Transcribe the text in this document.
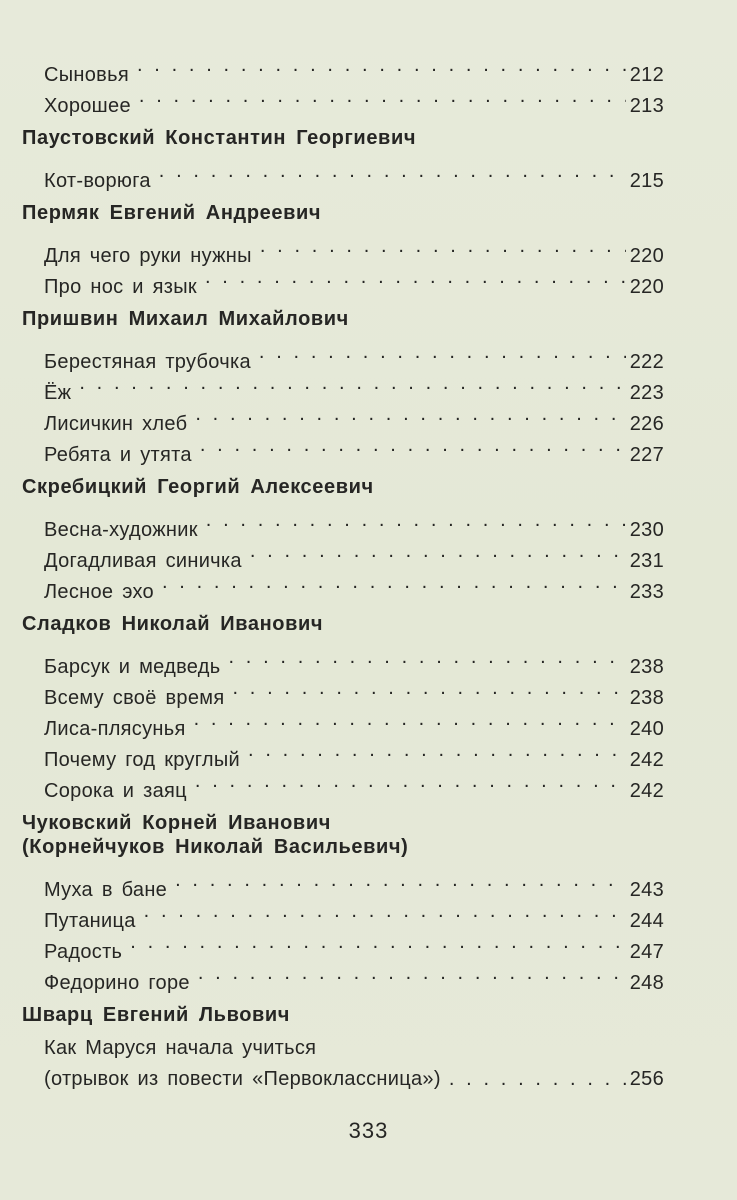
Сыновья . . .	212
Хорошее . . .	213
Паустовский Константин Георгиевич
Кот-ворюга . . .	215
Пермяк Евгений Андреевич
Для чего руки нужны . . .	220
Про нос и язык . . .	220
Пришвин Михаил Михайлович
Берестяная трубочка . . .	222
Ёж . . .	223
Лисичкин хлеб . . .	226
Ребята и утята . . .	227
Скребицкий Георгий Алексеевич
Весна-художник . . .	230
Догадливая синичка . . .	231
Лесное эхо . . .	233
Сладков Николай Иванович
Барсук и медведь . . .	238
Всему своё время . . .	238
Лиса-плясунья . . .	240
Почему год круглый . . .	242
Сорока и заяц . . .	242
Чуковский Корней Иванович
(Корнейчуков Николай Васильевич)
Муха в бане . . .	243
Путаница . . .	244
Радость . . .	247
Федорино горе . . .	248
Шварц Евгений Львович
Как Маруся начала учиться
(отрывок из повести «Первоклассница») . . .	256
333
